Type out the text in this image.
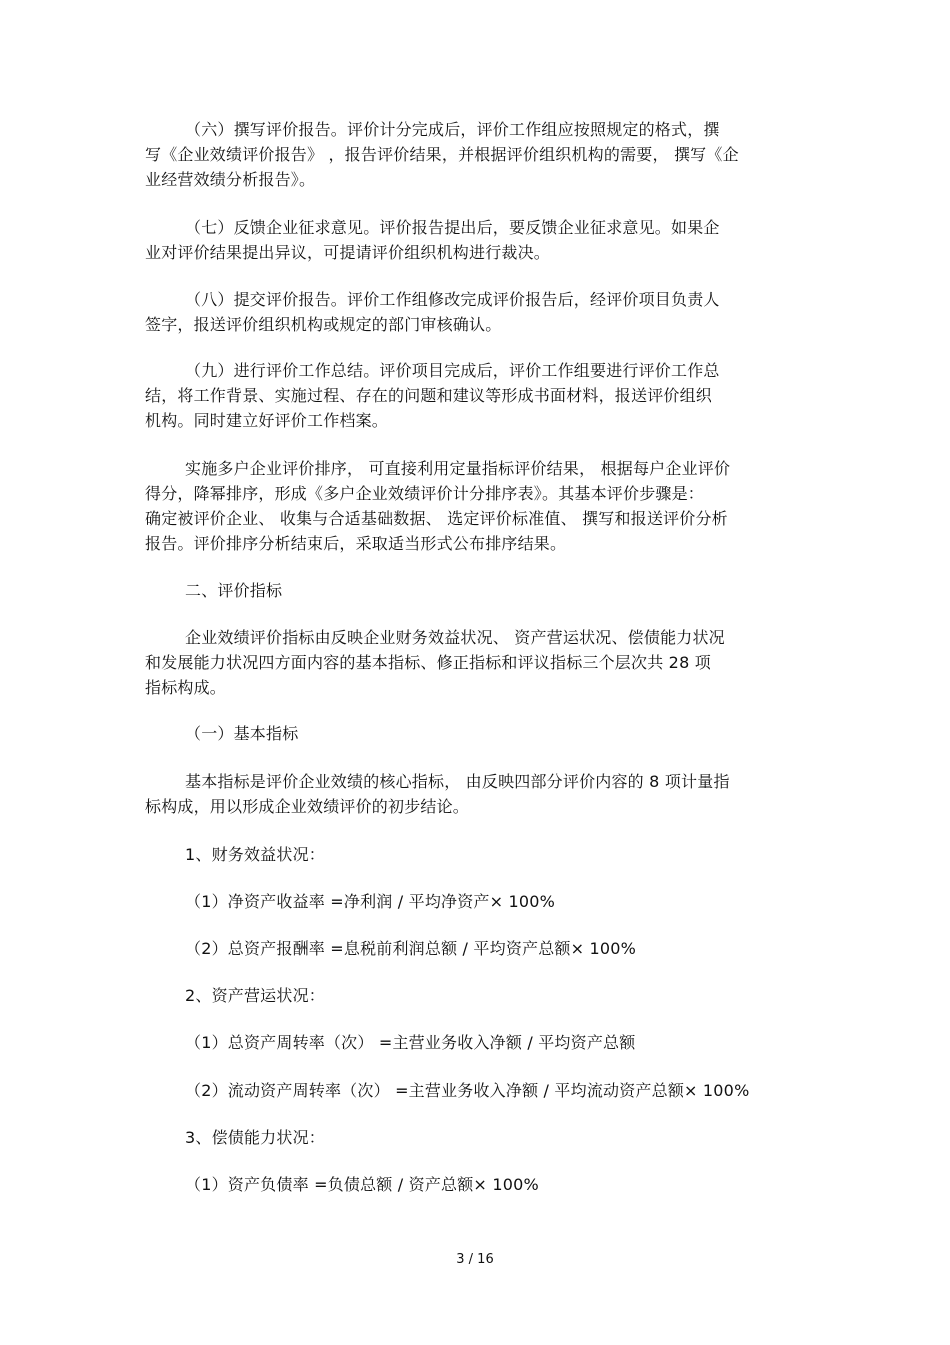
（六）撰写评价报告。评价计分完成后，评价工作组应按照规定的格式，撰
写《企业效绩评价报告》 ，报告评价结果，并根据评价组织机构的需要， 撰写《企
业经营效绩分析报告》。
（七）反馈企业征求意见。评价报告提出后，要反馈企业征求意见。如果企
业对评价结果提出异议，可提请评价组织机构进行裁决。
（八）提交评价报告。评价工作组修改完成评价报告后，经评价项目负责人
签字，报送评价组织机构或规定的部门审核确认。
（九）进行评价工作总结。评价项目完成后，评价工作组要进行评价工作总
结，将工作背景、实施过程、存在的问题和建议等形成书面材料，报送评价组织
机构。同时建立好评价工作档案。
实施多户企业评价排序， 可直接利用定量指标评价结果， 根据每户企业评价
得分，降幂排序，形成《多户企业效绩评价计分排序表》。其基本评价步骤是：
确定被评价企业、 收集与合适基础数据、 选定评价标准值、 撰写和报送评价分析
报告。评价排序分析结束后，采取适当形式公布排序结果。
二、评价指标
企业效绩评价指标由反映企业财务效益状况、 资产营运状况、偿债能力状况
和发展能力状况四方面内容的基本指标、修正指标和评议指标三个层次共 28 项
指标构成。
（一）基本指标
基本指标是评价企业效绩的核心指标， 由反映四部分评价内容的 8 项计量指
标构成，用以形成企业效绩评价的初步结论。
1、财务效益状况：
（1）净资产收益率 =净利润 / 平均净资产× 100%
（2）总资产报酬率 =息税前利润总额 / 平均资产总额× 100%
2、资产营运状况：
（1）总资产周转率（次） =主营业务收入净额 / 平均资产总额
（2）流动资产周转率（次） =主营业务收入净额 / 平均流动资产总额× 100%
3、偿债能力状况：
（1）资产负债率 =负债总额 / 资产总额× 100%
3 / 16
